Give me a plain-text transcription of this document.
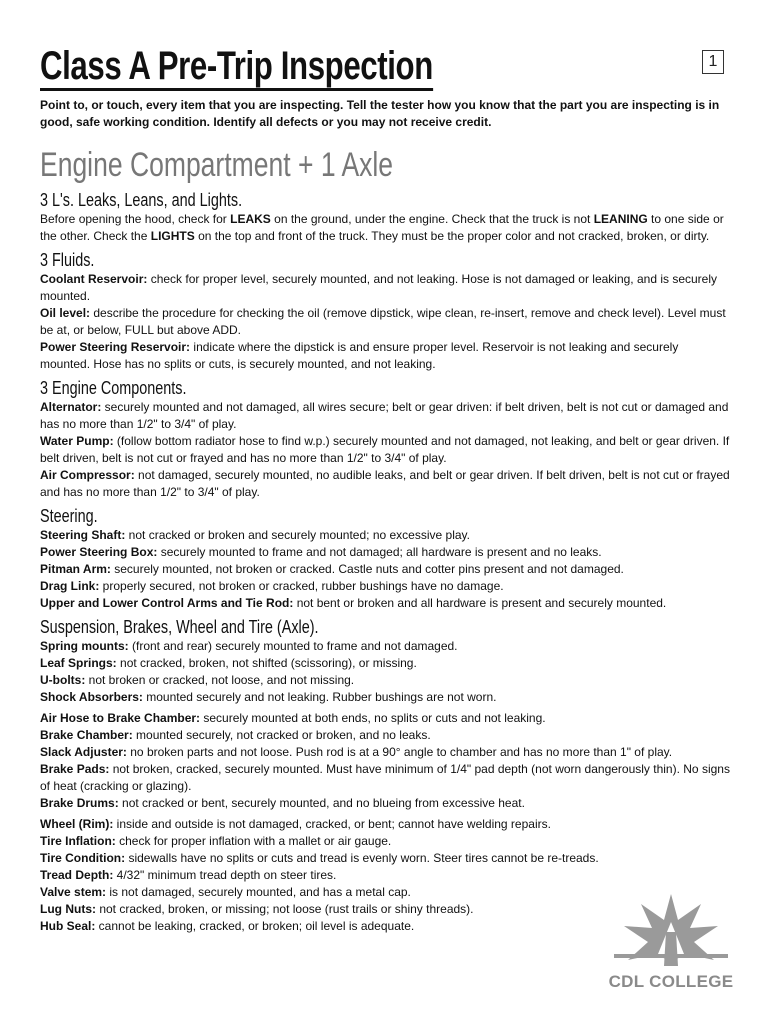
1
Class A Pre-Trip Inspection

Point to, or touch, every item that you are inspecting. Tell the tester how you know that the part you are inspecting is in good, safe working condition. Identify all defects or you may not receive credit.

Engine Compartment + 1 Axle
3 L's. Leaks, Leans, and Lights.

Before opening the hood, check for LEAKS on the ground, under the engine. Check that the truck is not LEANING to one side or the other. Check the LIGHTS on the top and front of the truck. They must be the proper color and not cracked, broken, or dirty.

3 Fluids.

Coolant Reservoir: check for proper level, securely mounted, and not leaking. Hose is not damaged or leaking, and is securely mounted.

Oil level: describe the procedure for checking the oil (remove dipstick, wipe clean, re-insert, remove and check level). Level must be at, or below, FULL but above ADD.

Power Steering Reservoir: indicate where the dipstick is and ensure proper level. Reservoir is not leaking and securely mounted. Hose has no splits or cuts, is securely mounted, and not leaking.

3 Engine Components.

Alternator: securely mounted and not damaged, all wires secure; belt or gear driven: if belt driven, belt is not cut or damaged and has no more than 1/2" to 3/4" of play.

Water Pump: (follow bottom radiator hose to find w.p.) securely mounted and not damaged, not leaking, and belt or gear driven. If belt driven, belt is not cut or frayed and has no more than 1/2" to 3/4" of play.

Air Compressor: not damaged, securely mounted, no audible leaks, and belt or gear driven. If belt driven, belt is not cut or frayed and has no more than 1/2" to 3/4" of play.

Steering.

Steering Shaft: not cracked or broken and securely mounted; no excessive play.

Power Steering Box: securely mounted to frame and not damaged; all hardware is present and no leaks.

Pitman Arm: securely mounted, not broken or cracked. Castle nuts and cotter pins present and not damaged.

Drag Link: properly secured, not broken or cracked, rubber bushings have no damage.

Upper and Lower Control Arms and Tie Rod: not bent or broken and all hardware is present and securely mounted.

Suspension, Brakes, Wheel and Tire (Axle).

Spring mounts: (front and rear) securely mounted to frame and not damaged.

Leaf Springs: not cracked, broken, not shifted (scissoring), or missing.

U-bolts: not broken or cracked, not loose, and not missing.

Shock Absorbers: mounted securely and not leaking. Rubber bushings are not worn.

Air Hose to Brake Chamber: securely mounted at both ends, no splits or cuts and not leaking.

Brake Chamber: mounted securely, not cracked or broken, and no leaks.

Slack Adjuster: no broken parts and not loose. Push rod is at a 90° angle to chamber and has no more than 1" of play.

Brake Pads: not broken, cracked, securely mounted. Must have minimum of 1/4" pad depth (not worn dangerously thin). No signs of heat (cracking or glazing).

Brake Drums: not cracked or bent, securely mounted, and no blueing from excessive heat.

Wheel (Rim): inside and outside is not damaged, cracked, or bent; cannot have welding repairs.

Tire Inflation: check for proper inflation with a mallet or air gauge.

Tire Condition: sidewalls have no splits or cuts and tread is evenly worn. Steer tires cannot be re-treads.

Tread Depth: 4/32" minimum tread depth on steer tires.

Valve stem: is not damaged, securely mounted, and has a metal cap.

Lug Nuts: not cracked, broken, or missing; not loose (rust trails or shiny threads).

Hub Seal: cannot be leaking, cracked, or broken; oil level is adequate.

CDL COLLEGE
